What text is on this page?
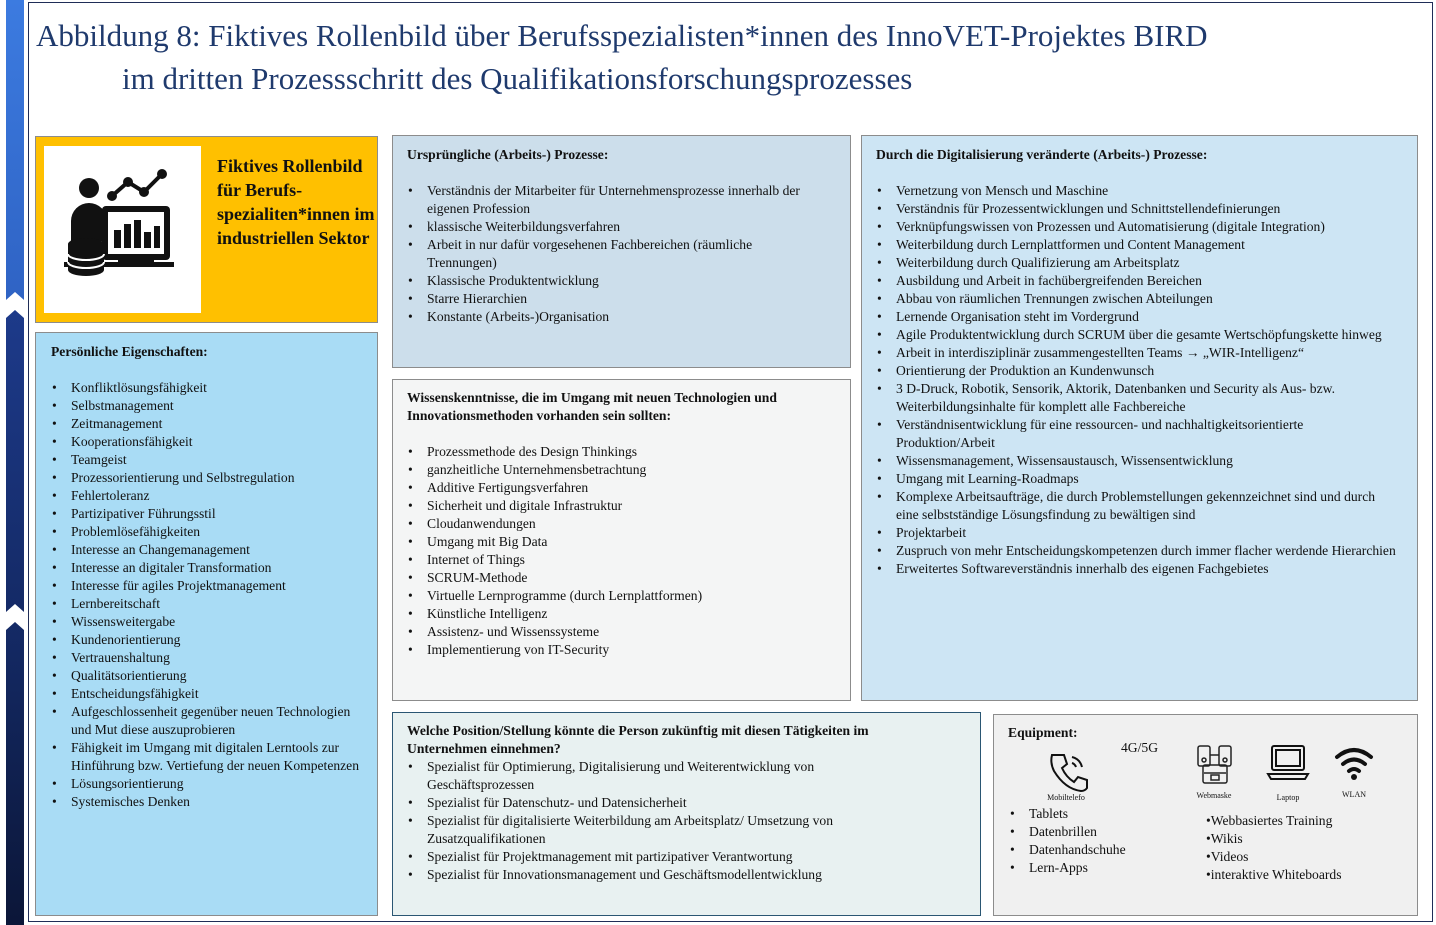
Abbildung 8: Fiktives Rollenbild über Berufsspezialisten*innen des InnoVET-Projektes BIRD
im dritten Prozessschritt des Qualifikationsforschungsprozesses
Fiktives Rollenbild für Berufs-spezialiten*innen im industriellen Sektor
Persönliche Eigenschaften:
• Konfliktlösungsfähigkeit
• Selbstmanagement
• Zeitmanagement
• Kooperationsfähigkeit
• Teamgeist
• Prozessorientierung und Selbstregulation
• Fehlertoleranz
• Partizipativer Führungsstil
• Problemlösefähigkeiten
• Interesse an Changemanagement
• Interesse an digitaler Transformation
• Interesse für agiles Projektmanagement
• Lernbereitschaft
• Wissensweitergabe
• Kundenorientierung
• Vertrauenshaltung
• Qualitätsorientierung
• Entscheidungsfähigkeit
• Aufgeschlossenheit gegenüber neuen Technologien und Mut diese auszuprobieren
• Fähigkeit im Umgang mit digitalen Lerntools zur Hinführung bzw. Vertiefung der neuen Kompetenzen
• Lösungsorientierung
• Systemisches Denken
Ursprüngliche (Arbeits-) Prozesse:
• Verständnis der Mitarbeiter für Unternehmensprozesse innerhalb der eigenen Profession
• klassische Weiterbildungsverfahren
• Arbeit in nur dafür vorgesehenen Fachbereichen (räumliche Trennungen)
• Klassische Produktentwicklung
• Starre Hierarchien
• Konstante (Arbeits-)Organisation
Wissenskenntnisse, die im Umgang mit neuen Technologien und Innovationsmethoden vorhanden sein sollten:
• Prozessmethode des Design Thinkings
• ganzheitliche Unternehmensbetrachtung
• Additive Fertigungsverfahren
• Sicherheit und digitale Infrastruktur
• Cloudanwendungen
• Umgang mit Big Data
• Internet of Things
• SCRUM-Methode
• Virtuelle Lernprogramme (durch Lernplattformen)
• Künstliche Intelligenz
• Assistenz- und Wissenssysteme
• Implementierung von IT-Security
Durch die Digitalisierung veränderte (Arbeits-) Prozesse:
• Vernetzung von Mensch und Maschine
• Verständnis für Prozessentwicklungen und Schnittstellendefinierungen
• Verknüpfungswissen von Prozessen und Automatisierung (digitale Integration)
• Weiterbildung durch Lernplattformen und Content Management
• Weiterbildung durch Qualifizierung am Arbeitsplatz
• Ausbildung und Arbeit in fachübergreifenden Bereichen
• Abbau von räumlichen Trennungen zwischen Abteilungen
• Lernende Organisation steht im Vordergrund
• Agile Produktentwicklung durch SCRUM über die gesamte Wertschöpfungskette hinweg
• Arbeit in interdisziplinär zusammengestellten Teams → „WIR-Intelligenz“
• Orientierung der Produktion an Kundenwunsch
• 3 D-Druck, Robotik, Sensorik, Aktorik, Datenbanken und Security als Aus- bzw. Weiterbildungsinhalte für komplett alle Fachbereiche
• Verständnisentwicklung für eine ressourcen- und nachhaltigkeitsorientierte Produktion/Arbeit
• Wissensmanagement, Wissensaustausch, Wissensentwicklung
• Umgang mit Learning-Roadmaps
• Komplexe Arbeitsaufträge, die durch Problemstellungen gekennzeichnet sind und durch eine selbstständige Lösungsfindung zu bewältigen sind
• Projektarbeit
• Zuspruch von mehr Entscheidungskompetenzen durch immer flacher werdende Hierarchien
• Erweitertes Softwareverständnis innerhalb des eigenen Fachgebietes
Welche Position/Stellung könnte die Person zukünftig mit diesen Tätigkeiten im Unternehmen einnehmen?
• Spezialist für Optimierung, Digitalisierung und Weiterentwicklung von Geschäftsprozessen
• Spezialist für Datenschutz- und Datensicherheit
• Spezialist für digitalisierte Weiterbildung am Arbeitsplatz/ Umsetzung von Zusatzqualifikationen
• Spezialist für Projektmanagement mit partizipativer Verantwortung
• Spezialist für Innovationsmanagement und Geschäftsmodellentwicklung
Equipment:
4G/5G
Mobiltelefo	Webmaske	Laptop	WLAN
• Tablets
• Datenbrillen
• Datenhandschuhe
• Lern-Apps
•Webbasiertes Training
•Wikis
•Videos
•interaktive Whiteboards
